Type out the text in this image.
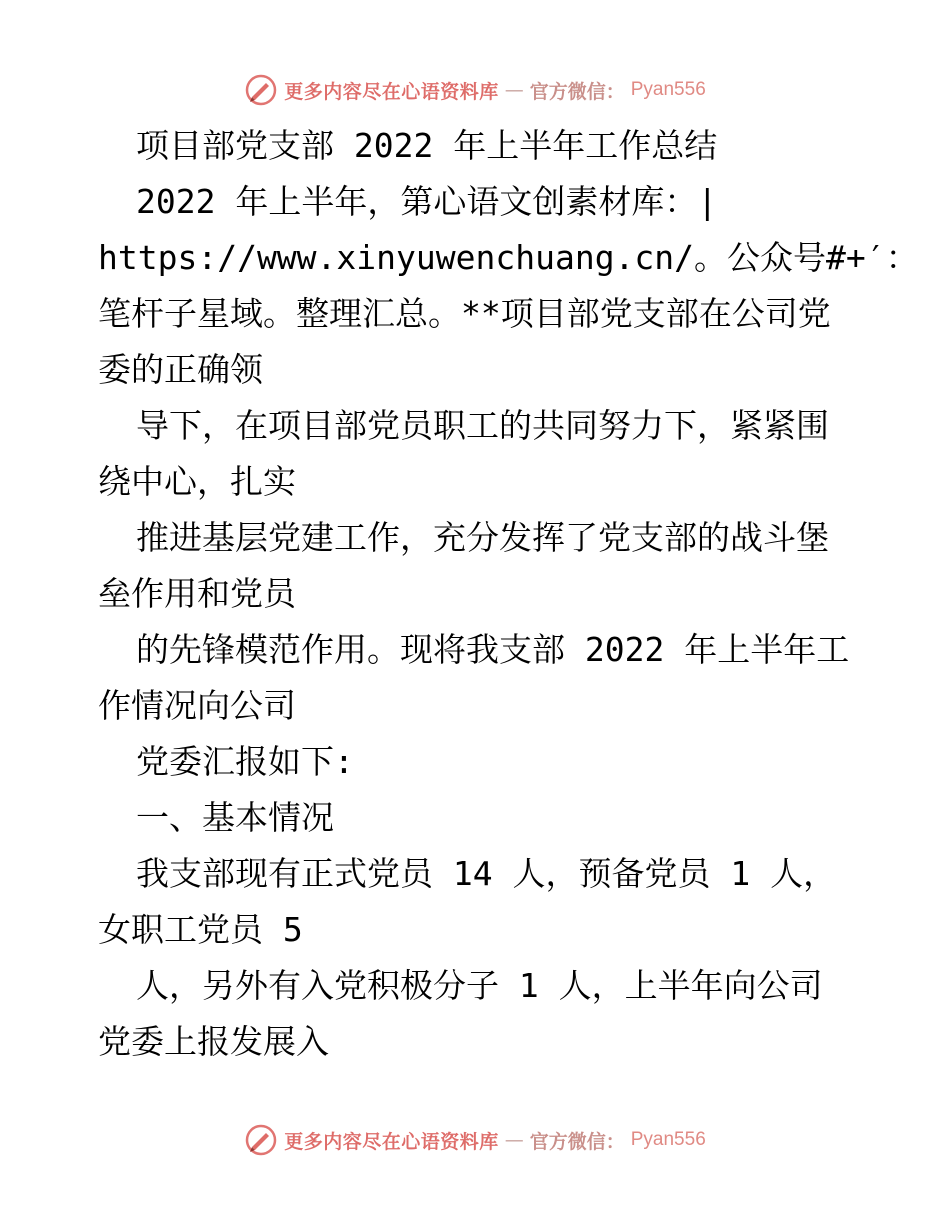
更多内容尽在心语资料库 — 官方微信： Pyan556
项目部党支部 2022 年上半年工作总结
2022 年上半年，第心语文创素材库：|
https://www.xinyuwenchuang.cn/。公众号#+′：
笔杆子星域。整理汇总。**项目部党支部在公司党
委的正确领
导下，在项目部党员职工的共同努力下，紧紧围
绕中心，扎实
推进基层党建工作，充分发挥了党支部的战斗堡
垒作用和党员
的先锋模范作用。现将我支部 2022 年上半年工
作情况向公司
党委汇报如下:
一、基本情况
我支部现有正式党员 14 人，预备党员 1 人，
女职工党员 5
人，另外有入党积极分子 1 人，上半年向公司
党委上报发展入
更多内容尽在心语资料库 — 官方微信： Pyan556
